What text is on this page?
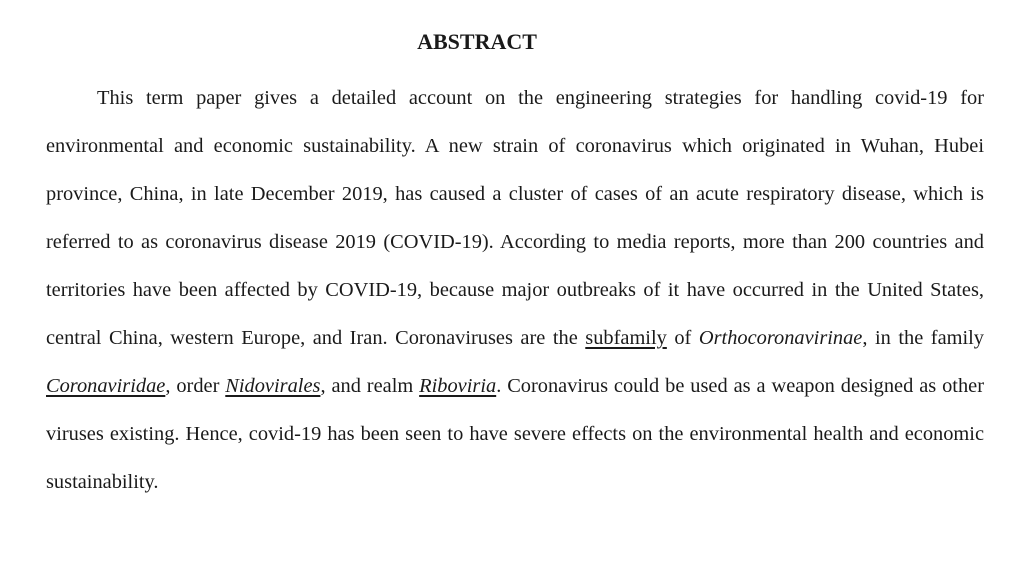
ABSTRACT

This term paper gives a detailed account on the engineering strategies for handling covid-19 for environmental and economic sustainability. A new strain of coronavirus which originated in Wuhan, Hubei province, China, in late December 2019, has caused a cluster of cases of an acute respiratory disease, which is referred to as coronavirus disease 2019 (COVID-19). According to media reports, more than 200 countries and territories have been affected by COVID-19, because major outbreaks of it have occurred in the United States, central China, western Europe, and Iran. Coronaviruses are the subfamily of Orthocoronavirinae, in the family Coronaviridae, order Nidovirales, and realm Riboviria. Coronavirus could be used as a weapon designed as other viruses existing. Hence, covid-19 has been seen to have severe effects on the environmental health and economic sustainability.
